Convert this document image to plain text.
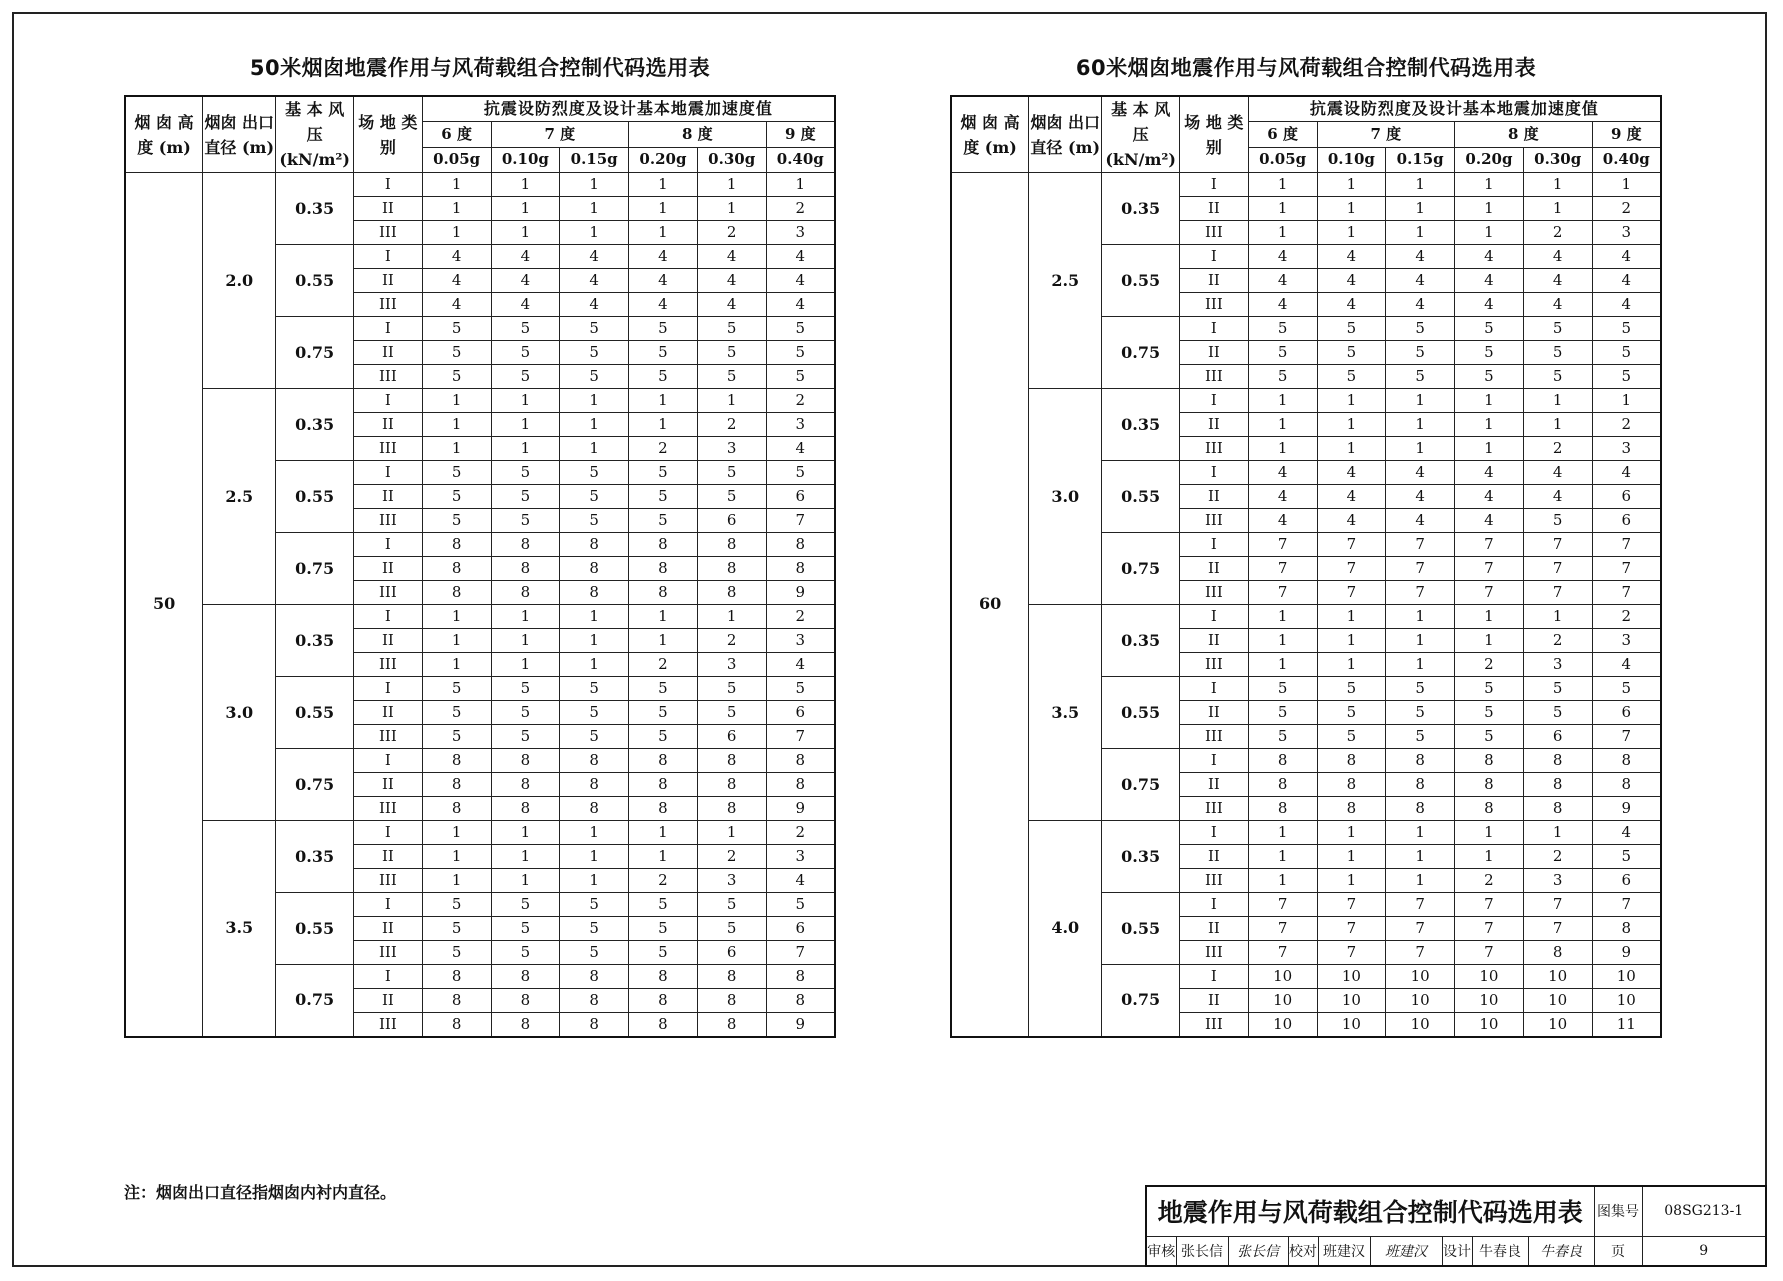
50米烟囱地震作用与风荷载组合控制代码选用表	60米烟囱地震作用与风荷载组合控制代码选用表
烟 囱 高 度 (m)	烟囱 出口直径 (m)	基 本 风 压 (kN/m²)	场 地 类 别	抗震设防烈度及设计基本地震加速度值					
				6 度	7 度		8 度		9 度
				0.05g	0.10g	0.15g	0.20g	0.30g	0.40g
50	2.0	0.35	I	1	1	1	1	1	1
			II	1	1	1	1	1	2
			III	1	1	1	1	2	3
		0.55	I	4	4	4	4	4	4
			II	4	4	4	4	4	4
			III	4	4	4	4	4	4
		0.75	I	5	5	5	5	5	5
			II	5	5	5	5	5	5
			III	5	5	5	5	5	5
	2.5	0.35	I	1	1	1	1	1	2
			II	1	1	1	1	2	3
			III	1	1	1	2	3	4
		0.55	I	5	5	5	5	5	5
			II	5	5	5	5	5	6
			III	5	5	5	5	6	7
		0.75	I	8	8	8	8	8	8
			II	8	8	8	8	8	8
			III	8	8	8	8	8	9
	3.0	0.35	I	1	1	1	1	1	2
			II	1	1	1	1	2	3
			III	1	1	1	2	3	4
		0.55	I	5	5	5	5	5	5
			II	5	5	5	5	5	6
			III	5	5	5	5	6	7
		0.75	I	8	8	8	8	8	8
			II	8	8	8	8	8	8
			III	8	8	8	8	8	9
	3.5	0.35	I	1	1	1	1	1	2
			II	1	1	1	1	2	3
			III	1	1	1	2	3	4
		0.55	I	5	5	5	5	5	5
			II	5	5	5	5	5	6
			III	5	5	5	5	6	7
		0.75	I	8	8	8	8	8	8
			II	8	8	8	8	8	8
			III	8	8	8	8	8	9
烟 囱 高 度 (m)	烟囱 出口直径 (m)	基 本 风 压 (kN/m²)	场 地 类 别	抗震设防烈度及设计基本地震加速度值					
				6 度	7 度		8 度		9 度
				0.05g	0.10g	0.15g	0.20g	0.30g	0.40g
60	2.5	0.35	I	1	1	1	1	1	1
			II	1	1	1	1	1	2
			III	1	1	1	1	2	3
		0.55	I	4	4	4	4	4	4
			II	4	4	4	4	4	4
			III	4	4	4	4	4	4
		0.75	I	5	5	5	5	5	5
			II	5	5	5	5	5	5
			III	5	5	5	5	5	5
	3.0	0.35	I	1	1	1	1	1	1
			II	1	1	1	1	1	2
			III	1	1	1	1	2	3
		0.55	I	4	4	4	4	4	4
			II	4	4	4	4	4	6
			III	4	4	4	4	5	6
		0.75	I	7	7	7	7	7	7
			II	7	7	7	7	7	7
			III	7	7	7	7	7	7
	3.5	0.35	I	1	1	1	1	1	2
			II	1	1	1	1	2	3
			III	1	1	1	2	3	4
		0.55	I	5	5	5	5	5	5
			II	5	5	5	5	5	6
			III	5	5	5	5	6	7
		0.75	I	8	8	8	8	8	8
			II	8	8	8	8	8	8
			III	8	8	8	8	8	9
	4.0	0.35	I	1	1	1	1	1	4
			II	1	1	1	1	2	5
			III	1	1	1	2	3	6
		0.55	I	7	7	7	7	7	7
			II	7	7	7	7	7	8
			III	7	7	7	7	8	9
		0.75	I	10	10	10	10	10	10
			II	10	10	10	10	10	10
			III	10	10	10	10	10	11
注：烟囱出口直径指烟囱内衬内直径。
地震作用与风荷载组合控制代码选用表									图集号	08SG213-1
审核	张长信	张长信	校对	班建汉	班建汉	设计	牛春良	牛春良	页	9
